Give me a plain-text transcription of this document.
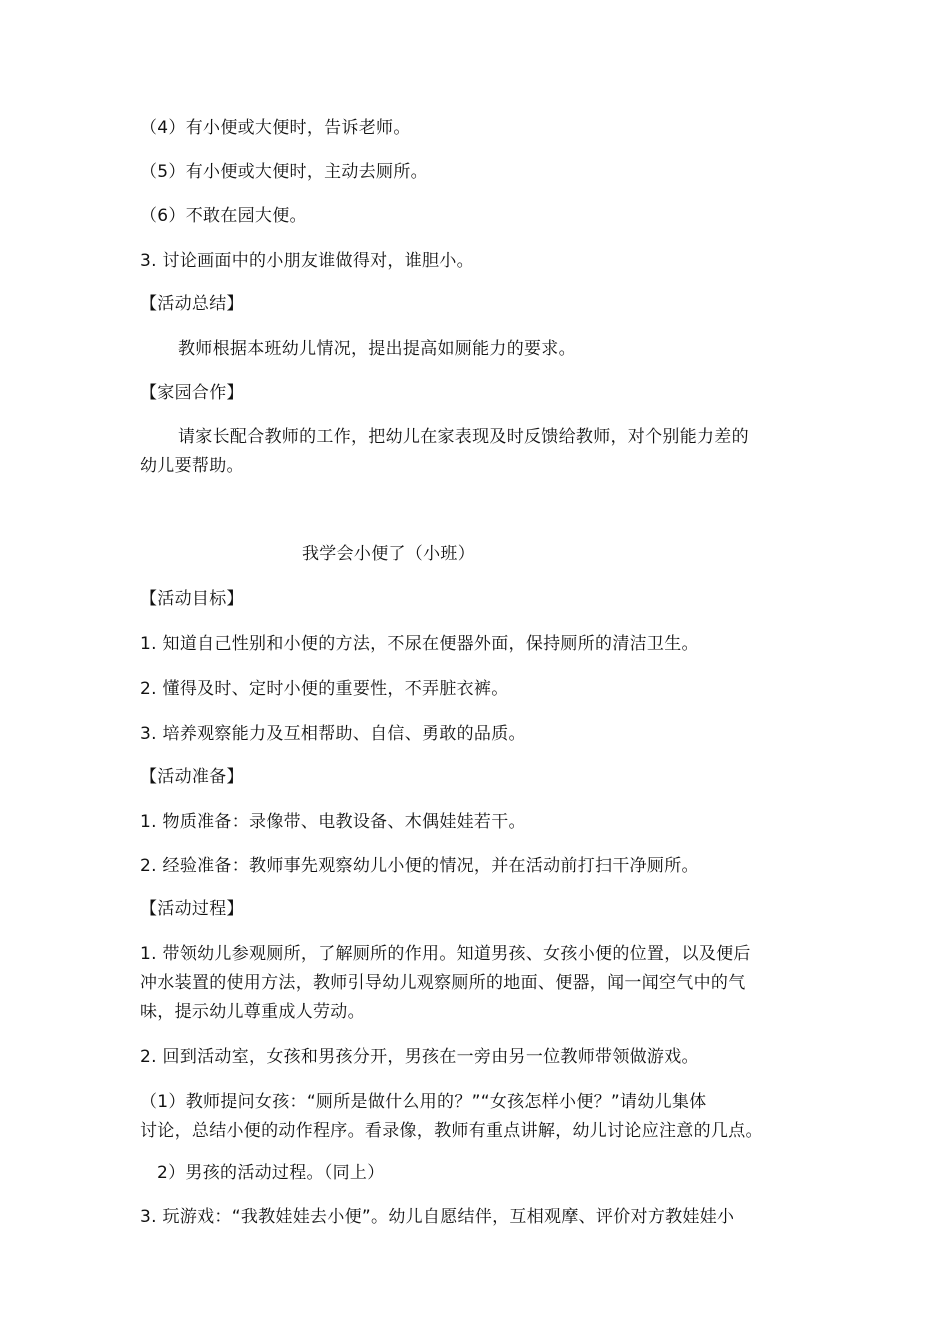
（4）有小便或大便时，告诉老师。
（5）有小便或大便时，主动去厕所。
（6）不敢在园大便。
3. 讨论画面中的小朋友谁做得对，谁胆小。
【活动总结】
教师根据本班幼儿情况，提出提高如厕能力的要求。
【家园合作】
请家长配合教师的工作，把幼儿在家表现及时反馈给教师，对个别能力差的
幼儿要帮助。
我学会小便了（小班）
【活动目标】
1. 知道自己性别和小便的方法，不尿在便器外面，保持厕所的清洁卫生。
2. 懂得及时、定时小便的重要性，不弄脏衣裤。
3. 培养观察能力及互相帮助、自信、勇敢的品质。
【活动准备】
1. 物质准备：录像带、电教设备、木偶娃娃若干。
2. 经验准备：教师事先观察幼儿小便的情况，并在活动前打扫干净厕所。
【活动过程】
1. 带领幼儿参观厕所，了解厕所的作用。知道男孩、女孩小便的位置，以及便后
冲水装置的使用方法，教师引导幼儿观察厕所的地面、便器，闻一闻空气中的气
味，提示幼儿尊重成人劳动。
2. 回到活动室，女孩和男孩分开，男孩在一旁由另一位教师带领做游戏。
（1）教师提问女孩：“厕所是做什么用的？”“女孩怎样小便？”请幼儿集体
讨论，总结小便的动作程序。看录像，教师有重点讲解，幼儿讨论应注意的几点。
2）男孩的活动过程。（同上）
3. 玩游戏：“我教娃娃去小便”。幼儿自愿结伴，互相观摩、评价对方教娃娃小
